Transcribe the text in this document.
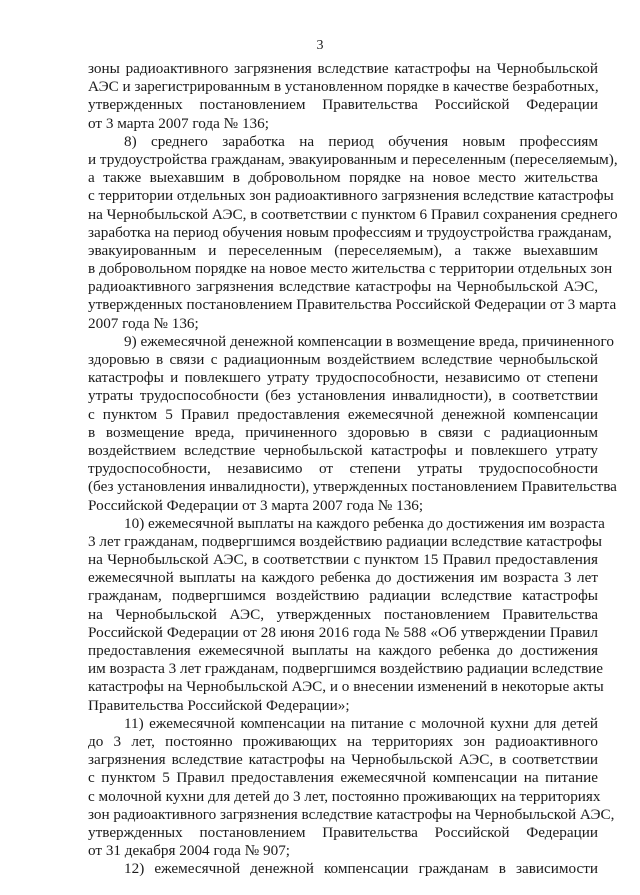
3
зоны радиоактивного загрязнения вследствие катастрофы на Чернобыльской
АЭС и зарегистрированным в установленном порядке в качестве безработных,
утвержденных постановлением Правительства Российской Федерации
от 3 марта 2007 года № 136;
8) среднего заработка на период обучения новым профессиям
и трудоустройства гражданам, эвакуированным и переселенным (переселяемым),
а также выехавшим в добровольном порядке на новое место жительства
с территории отдельных зон радиоактивного загрязнения вследствие катастрофы
на Чернобыльской АЭС, в соответствии с пунктом 6 Правил сохранения среднего
заработка на период обучения новым профессиям и трудоустройства гражданам,
эвакуированным и переселенным (переселяемым), а также выехавшим
в добровольном порядке на новое место жительства с территории отдельных зон
радиоактивного загрязнения вследствие катастрофы на Чернобыльской АЭС,
утвержденных постановлением Правительства Российской Федерации от 3 марта
2007 года № 136;
9) ежемесячной денежной компенсации в возмещение вреда, причиненного
здоровью в связи с радиационным воздействием вследствие чернобыльской
катастрофы и повлекшего утрату трудоспособности, независимо от степени
утраты трудоспособности (без установления инвалидности), в соответствии
с пунктом 5 Правил предоставления ежемесячной денежной компенсации
в возмещение вреда, причиненного здоровью в связи с радиационным
воздействием вследствие чернобыльской катастрофы и повлекшего утрату
трудоспособности, независимо от степени утраты трудоспособности
(без установления инвалидности), утвержденных постановлением Правительства
Российской Федерации от 3 марта 2007 года № 136;
10) ежемесячной выплаты на каждого ребенка до достижения им возраста
3 лет гражданам, подвергшимся воздействию радиации вследствие катастрофы
на Чернобыльской АЭС, в соответствии с пунктом 15 Правил предоставления
ежемесячной выплаты на каждого ребенка до достижения им возраста 3 лет
гражданам, подвергшимся воздействию радиации вследствие катастрофы
на Чернобыльской АЭС, утвержденных постановлением Правительства
Российской Федерации от 28 июня 2016 года № 588 «Об утверждении Правил
предоставления ежемесячной выплаты на каждого ребенка до достижения
им возраста 3 лет гражданам, подвергшимся воздействию радиации вследствие
катастрофы на Чернобыльской АЭС, и о внесении изменений в некоторые акты
Правительства Российской Федерации»;
11) ежемесячной компенсации на питание с молочной кухни для детей
до 3 лет, постоянно проживающих на территориях зон радиоактивного
загрязнения вследствие катастрофы на Чернобыльской АЭС, в соответствии
с пунктом 5 Правил предоставления ежемесячной компенсации на питание
с молочной кухни для детей до 3 лет, постоянно проживающих на территориях
зон радиоактивного загрязнения вследствие катастрофы на Чернобыльской АЭС,
утвержденных постановлением Правительства Российской Федерации
от 31 декабря 2004 года № 907;
12) ежемесячной денежной компенсации гражданам в зависимости
